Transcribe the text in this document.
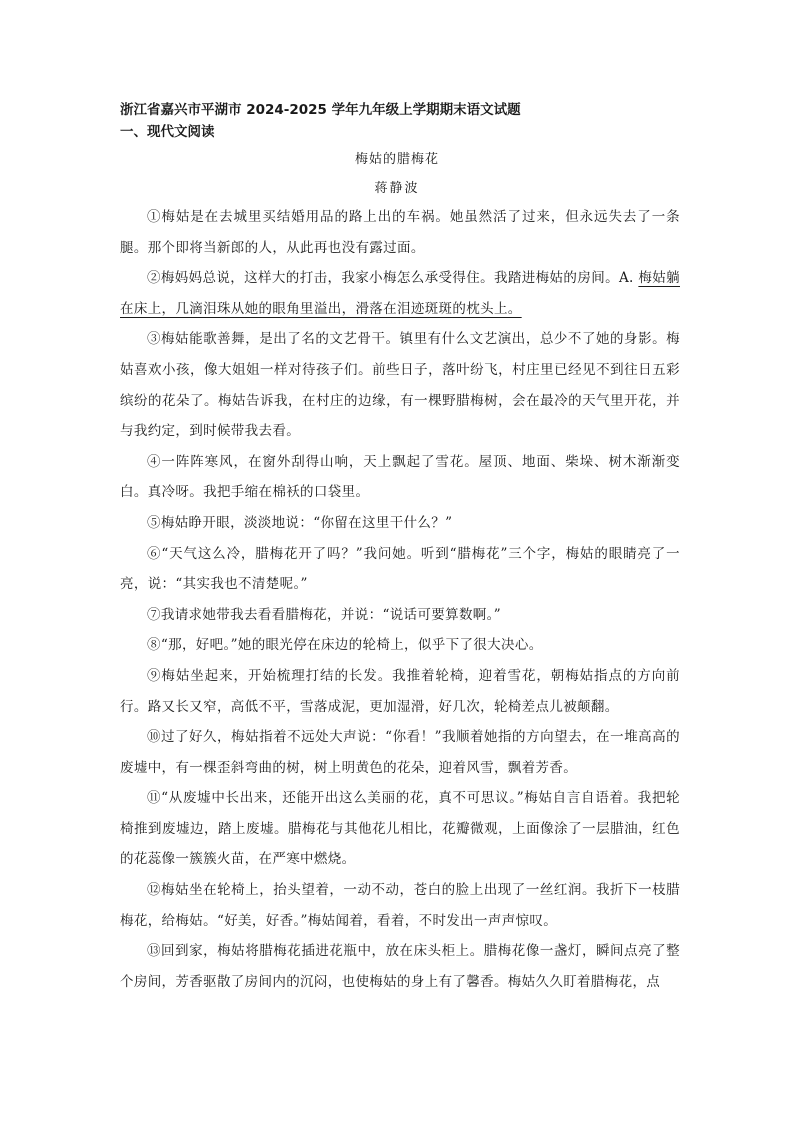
浙江省嘉兴市平湖市 2024-2025 学年九年级上学期期末语文试题
一、现代文阅读
梅姑的腊梅花
蒋静波

①梅姑是在去城里买结婚用品的路上出的车祸。她虽然活了过来，但永远失去了一条腿。那个即将当新郎的人，从此再也没有露过面。

②梅妈妈总说，这样大的打击，我家小梅怎么承受得住。我踏进梅姑的房间。A. 梅姑躺在床上，几滴泪珠从她的眼角里溢出，滑落在泪迹斑斑的枕头上。

③梅姑能歌善舞，是出了名的文艺骨干。镇里有什么文艺演出，总少不了她的身影。梅姑喜欢小孩，像大姐姐一样对待孩子们。前些日子，落叶纷飞，村庄里已经见不到往日五彩缤纷的花朵了。梅姑告诉我，在村庄的边缘，有一棵野腊梅树，会在最冷的天气里开花，并与我约定，到时候带我去看。

④一阵阵寒风，在窗外刮得山响，天上飘起了雪花。屋顶、地面、柴垛、树木渐渐变白。真冷呀。我把手缩在棉袄的口袋里。

⑤梅姑睁开眼，淡淡地说：“你留在这里干什么？”

⑥“天气这么冷，腊梅花开了吗？”我问她。听到“腊梅花”三个字，梅姑的眼睛亮了一亮，说：“其实我也不清楚呢。”

⑦我请求她带我去看看腊梅花，并说：“说话可要算数啊。”

⑧“那，好吧。”她的眼光停在床边的轮椅上，似乎下了很大决心。

⑨梅姑坐起来，开始梳理打结的长发。我推着轮椅，迎着雪花，朝梅姑指点的方向前行。路又长又窄，高低不平，雪落成泥，更加湿滑，好几次，轮椅差点儿被颠翻。

⑩过了好久，梅姑指着不远处大声说：“你看！”我顺着她指的方向望去，在一堆高高的废墟中，有一棵歪斜弯曲的树，树上明黄色的花朵，迎着风雪，飘着芳香。

⑪“从废墟中长出来，还能开出这么美丽的花，真不可思议。”梅姑自言自语着。我把轮椅推到废墟边，踏上废墟。腊梅花与其他花儿相比，花瓣微观，上面像涂了一层腊油，红色的花蕊像一簇簇火苗，在严寒中燃烧。

⑫梅姑坐在轮椅上，抬头望着，一动不动，苍白的脸上出现了一丝红润。我折下一枝腊梅花，给梅姑。“好美，好香。”梅姑闻着，看着，不时发出一声声惊叹。

⑬回到家，梅姑将腊梅花插进花瓶中，放在床头柜上。腊梅花像一盏灯，瞬间点亮了整个房间，芳香驱散了房间内的沉闷，也使梅姑的身上有了馨香。梅姑久久盯着腊梅花，点
